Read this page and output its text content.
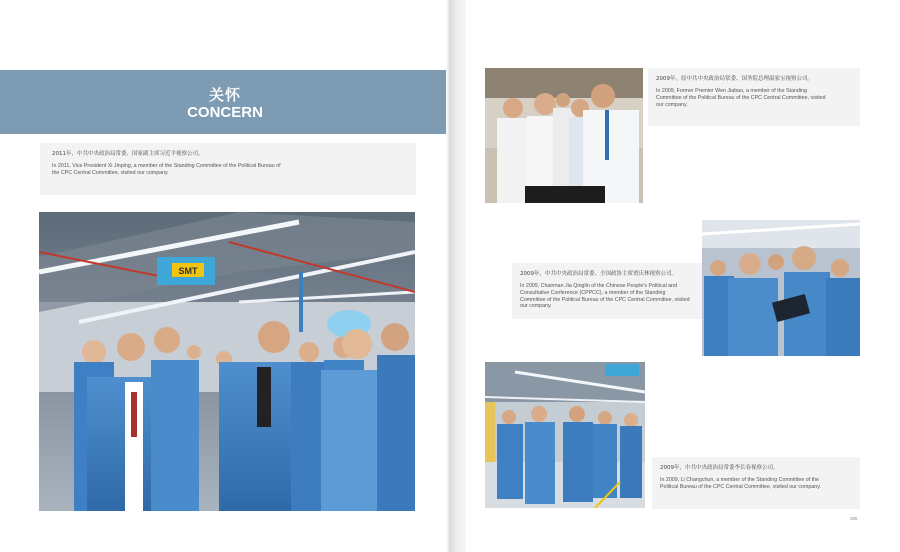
关怀
CONCERN
2011年，中共中央政治局常委、国家副主席习近平视察公司。
In 2011, Vice President Xi Jinping, a member of the Standing Committee of the Political Bureau of the CPC Central Committee, visited our company.
SMT
2009年，原中共中央政治局常委、国务院总理温家宝视察公司。
In 2009, Former Premier Wen Jiabao, a member of the Standing Committee of the Political Bureau of the CPC Central Committee, visited our company.
2009年，中共中央政治局常委、全国政协主席贾庆林视察公司。
In 2009, Chairman Jia Qinglin of the Chinese People's Political and Consultative Conference (CPPCC), a member of the Standing Committee of the Political Bureau of the CPC Central Committee, visited our company.
2009年，中共中央政治局常委李长春视察公司。
In 2009, Li Changchun, a member of the Standing Committee of the Political Bureau of the CPC Central Committee, visited our company.
006
